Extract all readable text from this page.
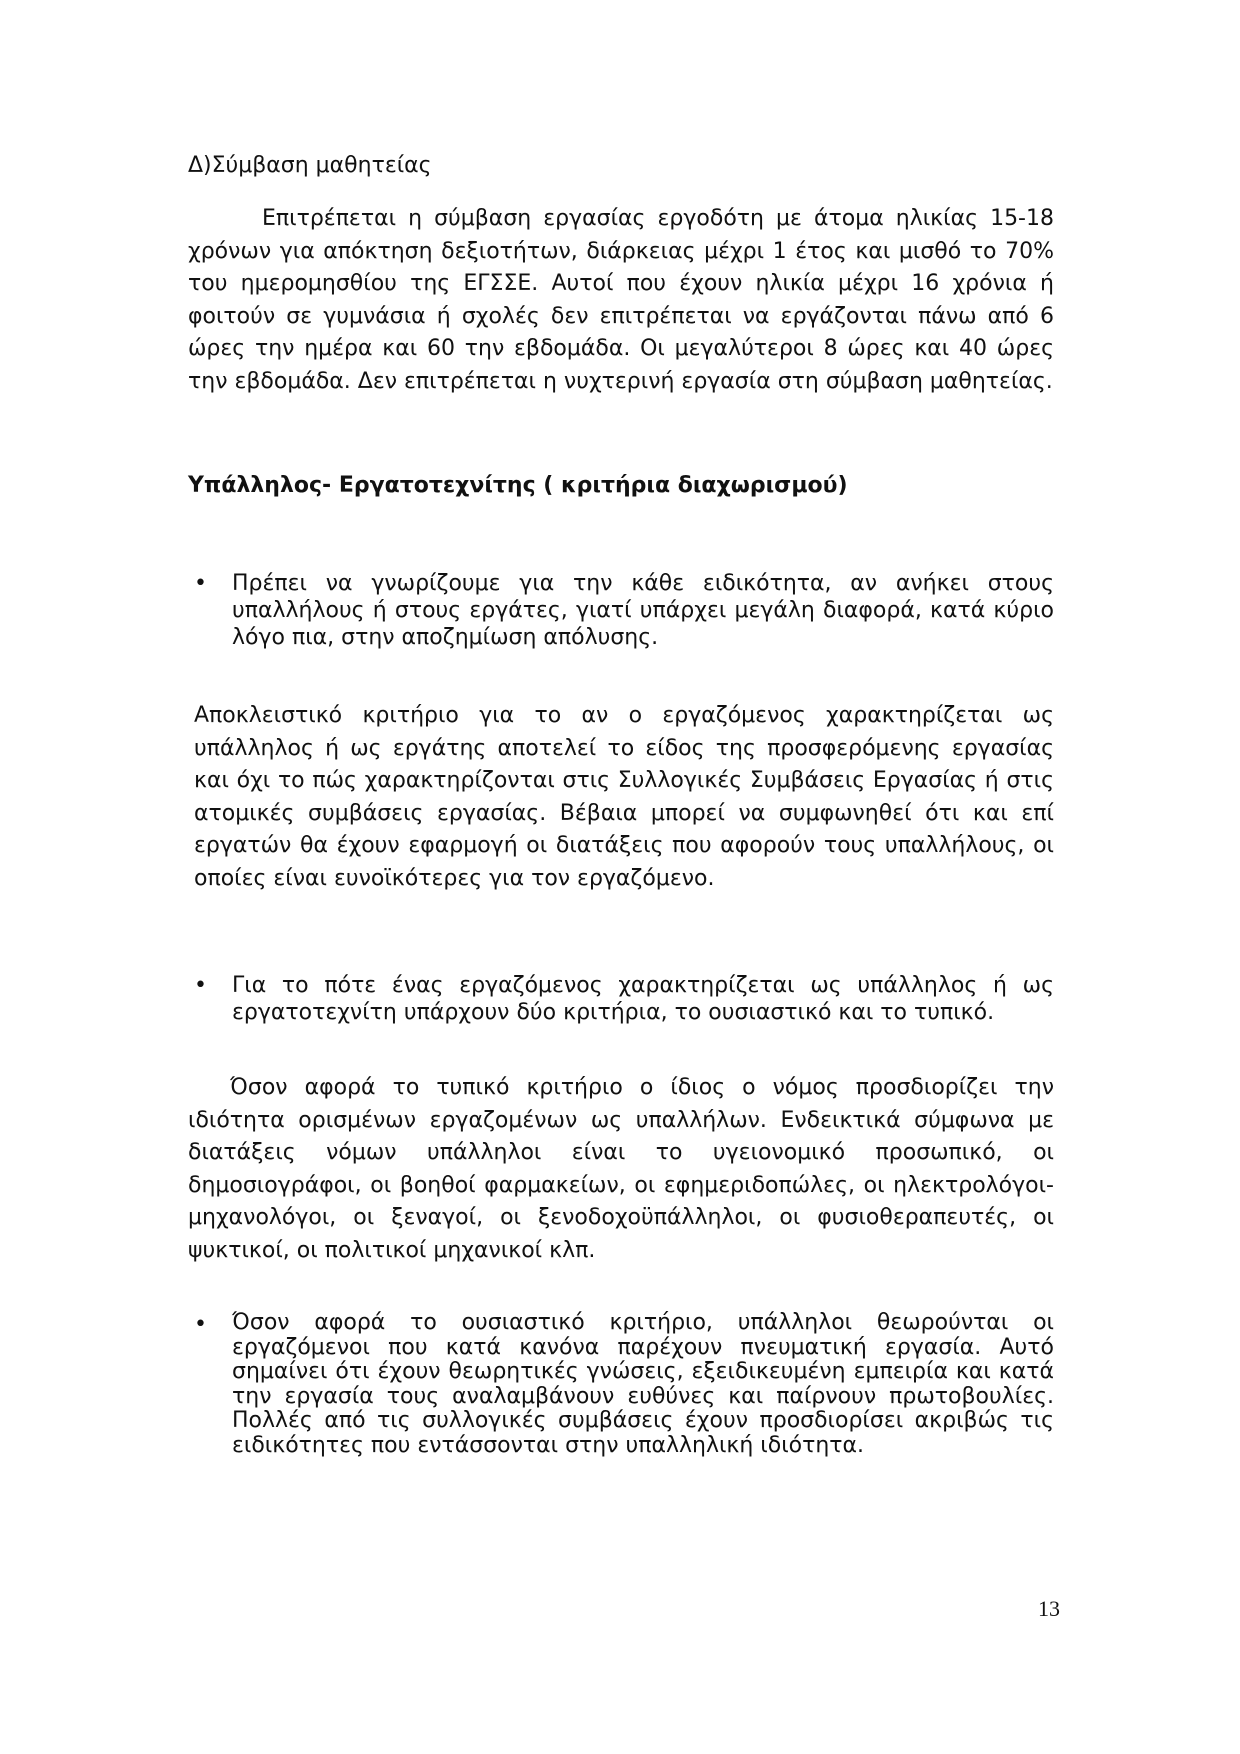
Δ)Σύμβαση μαθητείας

Επιτρέπεται η σύμβαση εργασίας εργοδότη με άτομα ηλικίας 15-18 χρόνων για απόκτηση δεξιοτήτων, διάρκειας μέχρι 1 έτος και μισθό το 70% του ημερομησθίου της ΕΓΣΣΕ. Αυτοί που έχουν ηλικία μέχρι 16 χρόνια ή φοιτούν σε γυμνάσια ή σχολές δεν επιτρέπεται να εργάζονται πάνω από 6 ώρες την ημέρα και 60 την εβδομάδα. Οι μεγαλύτεροι 8 ώρες και 40 ώρες την εβδομάδα. Δεν επιτρέπεται η νυχτερινή εργασία στη σύμβαση μαθητείας.

Υπάλληλος- Εργατοτεχνίτης ( κριτήρια διαχωρισμού)

•	Πρέπει να γνωρίζουμε για την κάθε ειδικότητα, αν ανήκει στους υπαλλήλους ή στους εργάτες, γιατί υπάρχει μεγάλη διαφορά, κατά κύριο λόγο πια, στην αποζημίωση απόλυσης.

Αποκλειστικό κριτήριο για το αν ο εργαζόμενος χαρακτηρίζεται ως υπάλληλος ή ως εργάτης αποτελεί το είδος της προσφερόμενης εργασίας και όχι το πώς χαρακτηρίζονται στις Συλλογικές Συμβάσεις Εργασίας ή στις ατομικές συμβάσεις εργασίας. Βέβαια μπορεί να συμφωνηθεί ότι και επί εργατών θα έχουν εφαρμογή οι διατάξεις που αφορούν τους υπαλλήλους, οι οποίες είναι ευνοϊκότερες για τον εργαζόμενο.

•	Για το πότε ένας εργαζόμενος χαρακτηρίζεται ως υπάλληλος ή ως εργατοτεχνίτη υπάρχουν δύο κριτήρια, το ουσιαστικό και το τυπικό.

Όσον αφορά το τυπικό κριτήριο ο ίδιος ο νόμος προσδιορίζει την ιδιότητα ορισμένων εργαζομένων ως υπαλλήλων. Ενδεικτικά σύμφωνα με διατάξεις νόμων υπάλληλοι είναι το υγειονομικό προσωπικό, οι δημοσιογράφοι, οι βοηθοί φαρμακείων, οι εφημεριδοπώλες, οι ηλεκτρολόγοι-μηχανολόγοι, οι ξεναγοί, οι ξενοδοχοϋπάλληλοι, οι φυσιοθεραπευτές, οι ψυκτικοί, οι πολιτικοί μηχανικοί κλπ.

•	Όσον αφορά το ουσιαστικό κριτήριο, υπάλληλοι θεωρούνται οι εργαζόμενοι που κατά κανόνα παρέχουν πνευματική εργασία. Αυτό σημαίνει ότι έχουν θεωρητικές γνώσεις, εξειδικευμένη εμπειρία και κατά την εργασία τους αναλαμβάνουν ευθύνες και παίρνουν πρωτοβουλίες. Πολλές από τις συλλογικές συμβάσεις έχουν προσδιορίσει ακριβώς τις ειδικότητες που εντάσσονται στην υπαλληλική ιδιότητα.
13
